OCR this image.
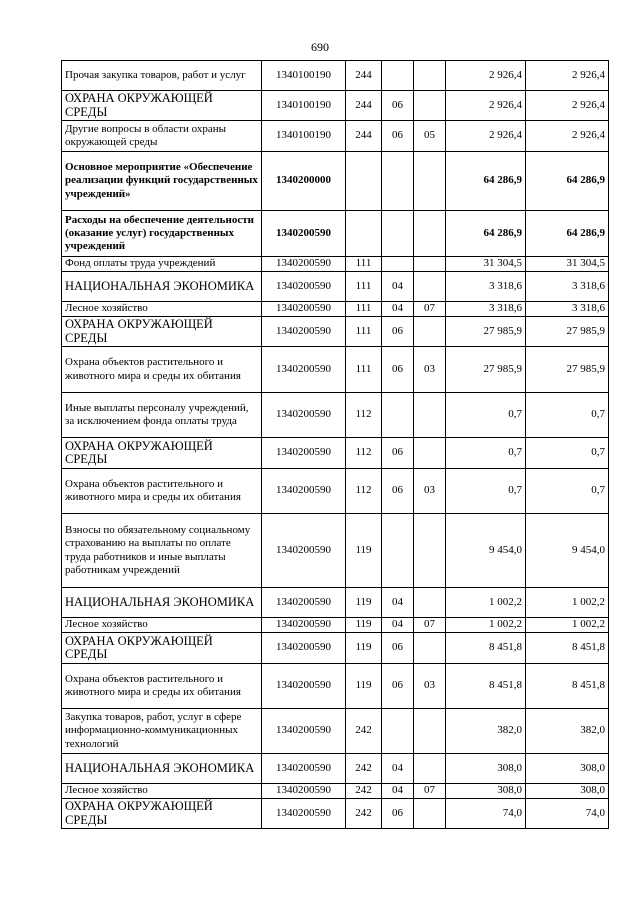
690
Прочая закупка товаров, работ и услуг	1340100190	244			2 926,4	2 926,4
ОХРАНА ОКРУЖАЮЩЕЙ СРЕДЫ	1340100190	244	06		2 926,4	2 926,4
Другие вопросы в области охраны окружающей среды	1340100190	244	06	05	2 926,4	2 926,4
Основное мероприятие «Обеспечение реализации функций государственных учреждений»	1340200000				64 286,9	64 286,9
Расходы на обеспечение деятельности (оказание услуг) государственных учреждений	1340200590				64 286,9	64 286,9
Фонд оплаты труда учреждений	1340200590	111			31 304,5	31 304,5
НАЦИОНАЛЬНАЯ ЭКОНОМИКА	1340200590	111	04		3 318,6	3 318,6
Лесное хозяйство	1340200590	111	04	07	3 318,6	3 318,6
ОХРАНА ОКРУЖАЮЩЕЙ СРЕДЫ	1340200590	111	06		27 985,9	27 985,9
Охрана объектов растительного и животного мира и среды их обитания	1340200590	111	06	03	27 985,9	27 985,9
Иные выплаты персоналу учреждений, за исключением фонда оплаты труда	1340200590	112			0,7	0,7
ОХРАНА ОКРУЖАЮЩЕЙ СРЕДЫ	1340200590	112	06		0,7	0,7
Охрана объектов растительного и животного мира и среды их обитания	1340200590	112	06	03	0,7	0,7
Взносы по обязательному социальному страхованию на выплаты по оплате труда работников и иные выплаты работникам учреждений	1340200590	119			9 454,0	9 454,0
НАЦИОНАЛЬНАЯ ЭКОНОМИКА	1340200590	119	04		1 002,2	1 002,2
Лесное хозяйство	1340200590	119	04	07	1 002,2	1 002,2
ОХРАНА ОКРУЖАЮЩЕЙ СРЕДЫ	1340200590	119	06		8 451,8	8 451,8
Охрана объектов растительного и животного мира и среды их обитания	1340200590	119	06	03	8 451,8	8 451,8
Закупка товаров, работ, услуг в сфере информационно-коммуникационных технологий	1340200590	242			382,0	382,0
НАЦИОНАЛЬНАЯ ЭКОНОМИКА	1340200590	242	04		308,0	308,0
Лесное хозяйство	1340200590	242	04	07	308,0	308,0
ОХРАНА ОКРУЖАЮЩЕЙ СРЕДЫ	1340200590	242	06		74,0	74,0
